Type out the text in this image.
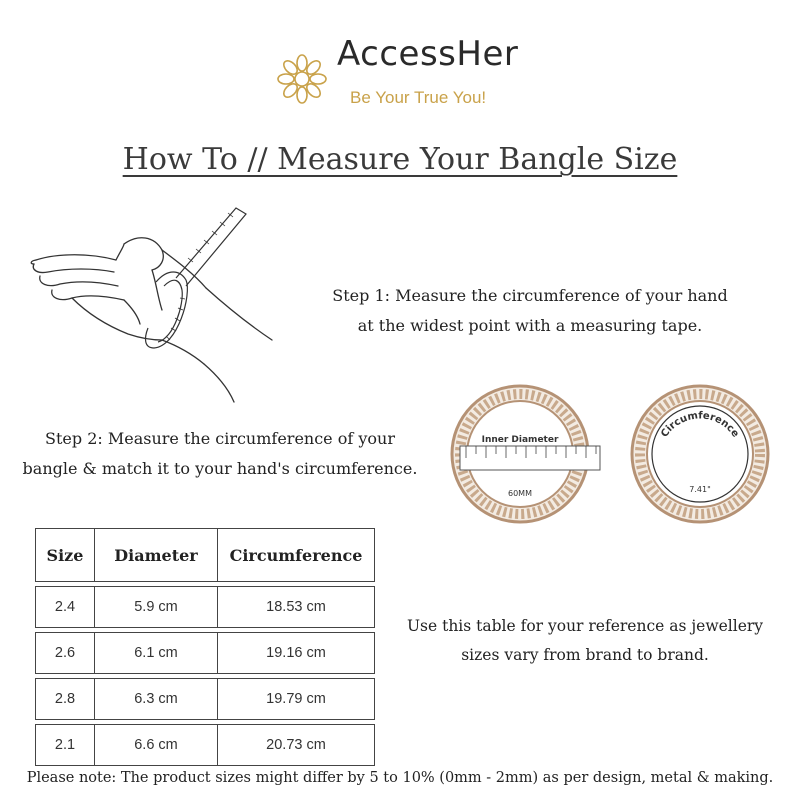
AccessHer
Be Your True You!
How To // Measure Your Bangle Size
Step 1: Measure the circumference of your hand
at the widest point with a measuring tape.
Inner Diameter
60MM
Circumference
7.41"
Step 2: Measure the circumference of your
bangle & match it to your hand's circumference.
Size	Diameter	Circumference
2.4	5.9 cm	18.53 cm
2.6	6.1 cm	19.16 cm
2.8	6.3 cm	19.79 cm
2.1	6.6 cm	20.73 cm
Use this table for your reference as jewellery
sizes vary from brand to brand.
Please note: The product sizes might differ by 5 to 10% (0mm - 2mm) as per design, metal & making.
